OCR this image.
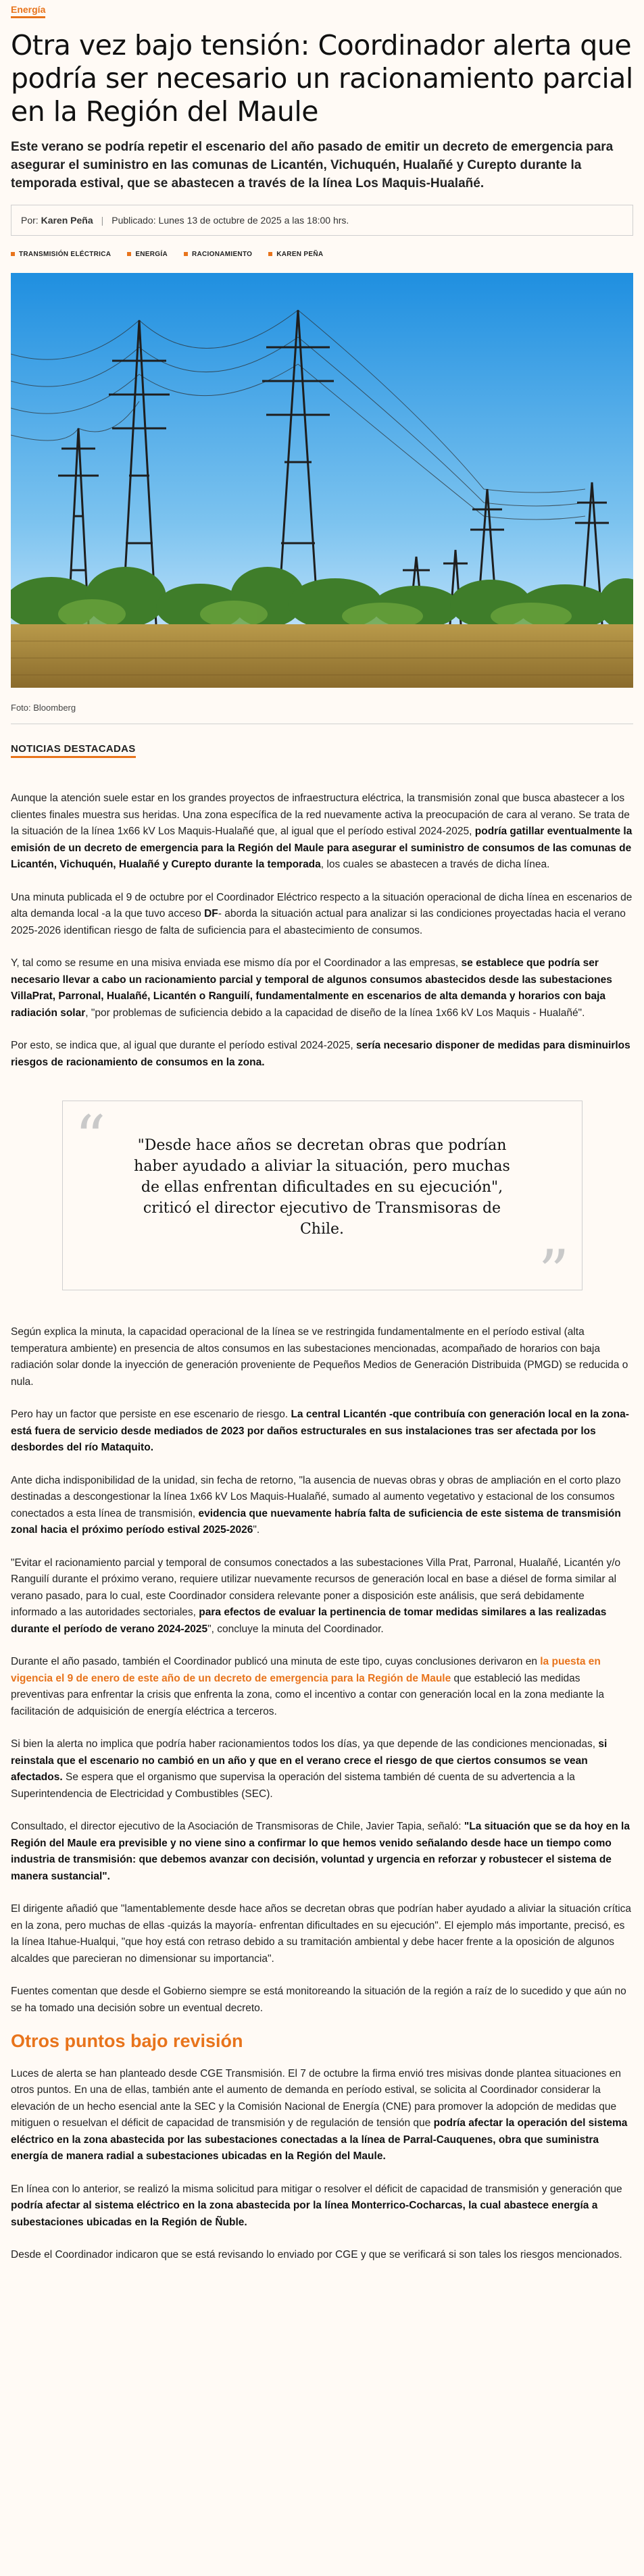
Energía
Otra vez bajo tensión: Coordinador alerta que podría ser necesario un racionamiento parcial en la Región del Maule

Este verano se podría repetir el escenario del año pasado de emitir un decreto de emergencia para asegurar el suministro en las comunas de Licantén, Vichuquén, Hualañé y Curepto durante la temporada estival, que se abastecen a través de la línea Los Maquis-Hualañé.

Por: Karen Peña | Publicado: Lunes 13 de octubre de 2025 a las 18:00 hrs.
TRANSMISIÓN ELÉCTRICA	ENERGÍA	RACIONAMIENTO	KAREN PEÑA

Foto: Bloomberg

NOTICIAS DESTACADAS

Aunque la atención suele estar en los grandes proyectos de infraestructura eléctrica, la transmisión zonal que busca abastecer a los clientes finales muestra sus heridas. Una zona específica de la red nuevamente activa la preocupación de cara al verano. Se trata de la situación de la línea 1x66 kV Los Maquis-Hualañé que, al igual que el período estival 2024-2025, podría gatillar eventualmente la emisión de un decreto de emergencia para la Región del Maule para asegurar el suministro de consumos de las comunas de Licantén, Vichuquén, Hualañé y Curepto durante la temporada, los cuales se abastecen a través de dicha línea.

Una minuta publicada el 9 de octubre por el Coordinador Eléctrico respecto a la situación operacional de dicha línea en escenarios de alta demanda local -a la que tuvo acceso DF- aborda la situación actual para analizar si las condiciones proyectadas hacia el verano 2025-2026 identifican riesgo de falta de suficiencia para el abastecimiento de consumos.

Y, tal como se resume en una misiva enviada ese mismo día por el Coordinador a las empresas, se establece que podría ser necesario llevar a cabo un racionamiento parcial y temporal de algunos consumos abastecidos desde las subestaciones VillaPrat, Parronal, Hualañé, Licantén o Ranguilí, fundamentalmente en escenarios de alta demanda y horarios con baja radiación solar, "por problemas de suficiencia debido a la capacidad de diseño de la línea 1x66 kV Los Maquis - Hualañé".

Por esto, se indica que, al igual que durante el período estival 2024-2025, sería necesario disponer de medidas para disminuirlos riesgos de racionamiento de consumos en la zona.

“	"Desde hace años se decretan obras que podrían haber ayudado a aliviar la situación, pero muchas de ellas enfrentan dificultades en su ejecución", criticó el director ejecutivo de Transmisoras de Chile.

”

Según explica la minuta, la capacidad operacional de la línea se ve restringida fundamentalmente en el período estival (alta temperatura ambiente) en presencia de altos consumos en las subestaciones mencionadas, acompañado de horarios con baja radiación solar donde la inyección de generación proveniente de Pequeños Medios de Generación Distribuida (PMGD) se reducida o nula.

Pero hay un factor que persiste en ese escenario de riesgo. La central Licantén -que contribuía con generación local en la zona- está fuera de servicio desde mediados de 2023 por daños estructurales en sus instalaciones tras ser afectada por los desbordes del río Mataquito.

Ante dicha indisponibilidad de la unidad, sin fecha de retorno, "la ausencia de nuevas obras y obras de ampliación en el corto plazo destinadas a descongestionar la línea 1x66 kV Los Maquis-Hualañé, sumado al aumento vegetativo y estacional de los consumos conectados a esta línea de transmisión, evidencia que nuevamente habría falta de suficiencia de este sistema de transmisión zonal hacia el próximo período estival 2025-2026".

"Evitar el racionamiento parcial y temporal de consumos conectados a las subestaciones Villa Prat, Parronal, Hualañé, Licantén y/o Ranguilí durante el próximo verano, requiere utilizar nuevamente recursos de generación local en base a diésel de forma similar al verano pasado, para lo cual, este Coordinador considera relevante poner a disposición este análisis, que será debidamente informado a las autoridades sectoriales, para efectos de evaluar la pertinencia de tomar medidas similares a las realizadas durante el período de verano 2024-2025", concluye la minuta del Coordinador.

Durante el año pasado, también el Coordinador publicó una minuta de este tipo, cuyas conclusiones derivaron en la puesta en vigencia el 9 de enero de este año de un decreto de emergencia para la Región de Maule que estableció las medidas preventivas para enfrentar la crisis que enfrenta la zona, como el incentivo a contar con generación local en la zona mediante la facilitación de adquisición de energía eléctrica a terceros.

Si bien la alerta no implica que podría haber racionamientos todos los días, ya que depende de las condiciones mencionadas, si reinstala que el escenario no cambió en un año y que en el verano crece el riesgo de que ciertos consumos se vean afectados. Se espera que el organismo que supervisa la operación del sistema también dé cuenta de su advertencia a la Superintendencia de Electricidad y Combustibles (SEC).

Consultado, el director ejecutivo de la Asociación de Transmisoras de Chile, Javier Tapia, señaló: "La situación que se da hoy en la Región del Maule era previsible y no viene sino a confirmar lo que hemos venido señalando desde hace un tiempo como industria de transmisión: que debemos avanzar con decisión, voluntad y urgencia en reforzar y robustecer el sistema de manera sustancial".

El dirigente añadió que "lamentablemente desde hace años se decretan obras que podrían haber ayudado a aliviar la situación crítica en la zona, pero muchas de ellas -quizás la mayoría- enfrentan dificultades en su ejecución". El ejemplo más importante, precisó, es la línea Itahue-Hualqui, "que hoy está con retraso debido a su tramitación ambiental y debe hacer frente a la oposición de algunos alcaldes que parecieran no dimensionar su importancia".

Fuentes comentan que desde el Gobierno siempre se está monitoreando la situación de la región a raíz de lo sucedido y que aún no se ha tomado una decisión sobre un eventual decreto.

Otros puntos bajo revisión

Luces de alerta se han planteado desde CGE Transmisión. El 7 de octubre la firma envió tres misivas donde plantea situaciones en otros puntos. En una de ellas, también ante el aumento de demanda en período estival, se solicita al Coordinador considerar la elevación de un hecho esencial ante la SEC y la Comisión Nacional de Energía (CNE) para promover la adopción de medidas que mitiguen o resuelvan el déficit de capacidad de transmisión y de regulación de tensión que podría afectar la operación del sistema eléctrico en la zona abastecida por las subestaciones conectadas a la línea de Parral-Cauquenes, obra que suministra energía de manera radial a subestaciones ubicadas en la Región del Maule.

En línea con lo anterior, se realizó la misma solicitud para mitigar o resolver el déficit de capacidad de transmisión y generación que podría afectar al sistema eléctrico en la zona abastecida por la línea Monterrico-Cocharcas, la cual abastece energía a subestaciones ubicadas en la Región de Ñuble.

Desde el Coordinador indicaron que se está revisando lo enviado por CGE y que se verificará si son tales los riesgos mencionados.
